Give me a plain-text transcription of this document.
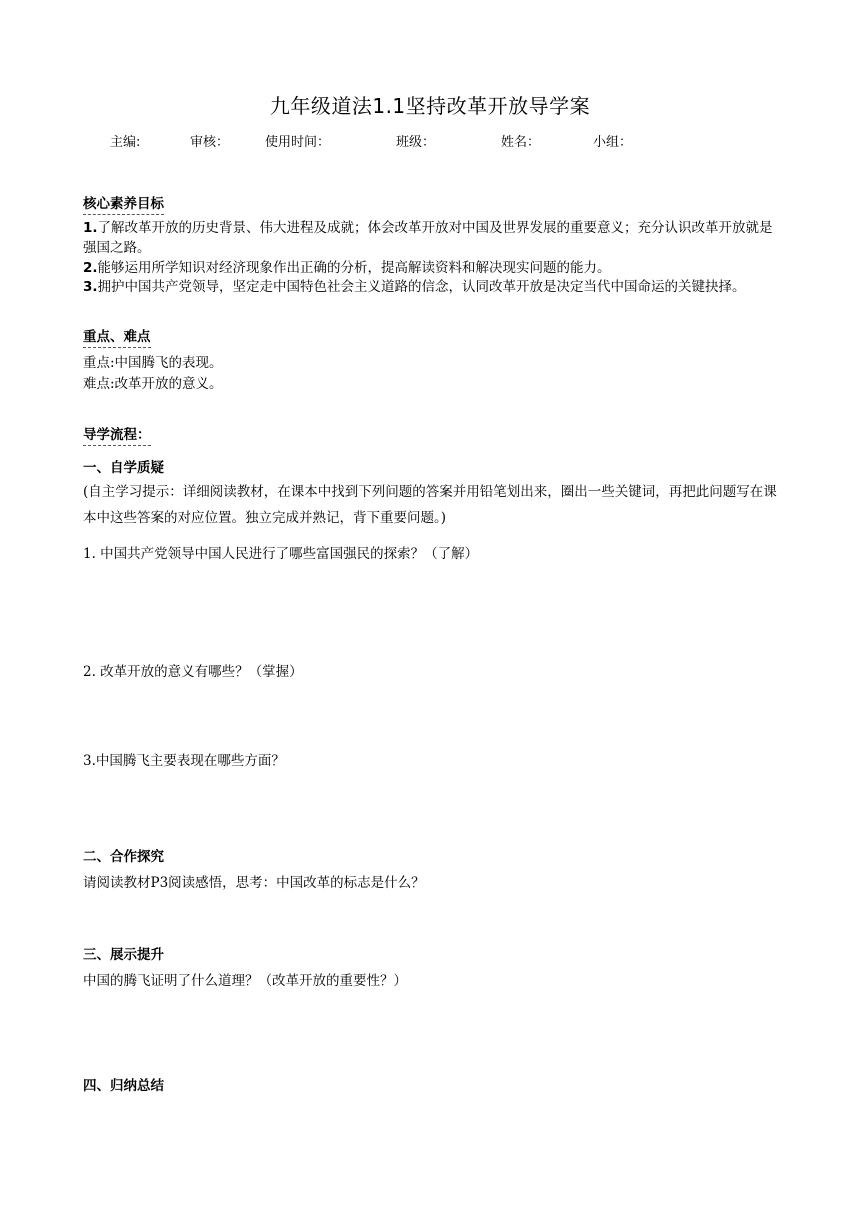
九年级道法1.1坚持改革开放导学案
主编:	审核：	使用时间：	班级：	姓名：	小组：
核心素养目标
1.了解改革开放的历史背景、伟大进程及成就；体会改革开放对中国及世界发展的重要意义；充分认识改革开放就是强国之路。
2.能够运用所学知识对经济现象作出正确的分析，提高解读资料和解决现实问题的能力。
3.拥护中国共产党领导，坚定走中国特色社会主义道路的信念，认同改革开放是决定当代中国命运的关键抉择。
重点、难点
重点:中国腾飞的表现。
难点:改革开放的意义。
导学流程：
一、自学质疑
(自主学习提示：详细阅读教材，在课本中找到下列问题的答案并用铅笔划出来，圈出一些关键词，再把此问题写在课本中这些答案的对应位置。独立完成并熟记，背下重要问题。)
1. 中国共产党领导中国人民进行了哪些富国强民的探索？（了解）
2. 改革开放的意义有哪些？（掌握）
3.中国腾飞主要表现在哪些方面？
二、合作探究
请阅读教材P3阅读感悟，思考：中国改革的标志是什么？
三、展示提升
中国的腾飞证明了什么道理？（改革开放的重要性？）
四、归纳总结
